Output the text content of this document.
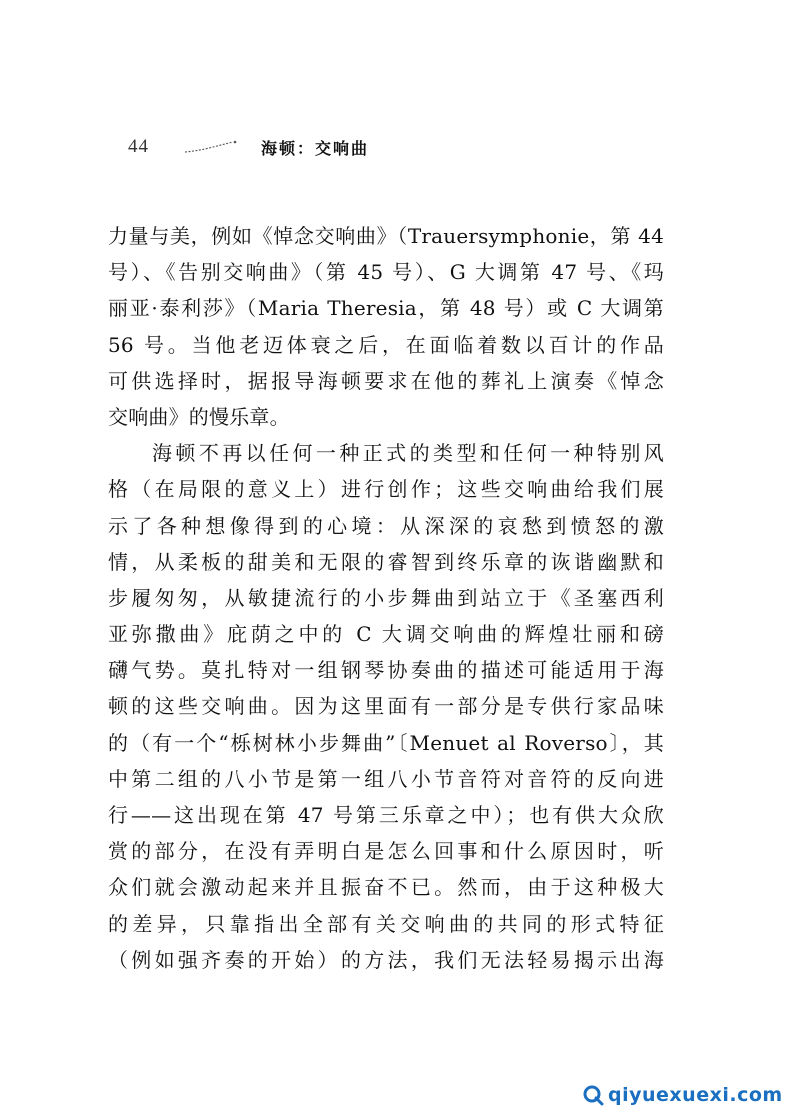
44	海顿：交响曲
力量与美，例如《悼念交响曲》（Trauersymphonie，第 44
号）、《告别交响曲》（第 45 号）、G 大调第 47 号、《玛
丽亚·泰利莎》（Maria Theresia，第 48 号）或 C 大调第
56 号。当他老迈体衰之后，在面临着数以百计的作品
可供选择时，据报导海顿要求在他的葬礼上演奏《悼念
交响曲》的慢乐章。
海顿不再以任何一种正式的类型和任何一种特别风
格（在局限的意义上）进行创作；这些交响曲给我们展
示了各种想像得到的心境：从深深的哀愁到愤怒的激
情，从柔板的甜美和无限的睿智到终乐章的诙谐幽默和
步履匆匆，从敏捷流行的小步舞曲到站立于《圣塞西利
亚弥撒曲》庇荫之中的 C 大调交响曲的辉煌壮丽和磅
礴气势。莫扎特对一组钢琴协奏曲的描述可能适用于海
顿的这些交响曲。因为这里面有一部分是专供行家品味
的（有一个“栎树林小步舞曲”〔Menuet al Roverso〕，其
中第二组的八小节是第一组八小节音符对音符的反向进
行——这出现在第 47 号第三乐章之中）；也有供大众欣
赏的部分，在没有弄明白是怎么回事和什么原因时，听
众们就会激动起来并且振奋不已。然而，由于这种极大
的差异，只靠指出全部有关交响曲的共同的形式特征
（例如强齐奏的开始）的方法，我们无法轻易揭示出海
qiyuexuexi.com
